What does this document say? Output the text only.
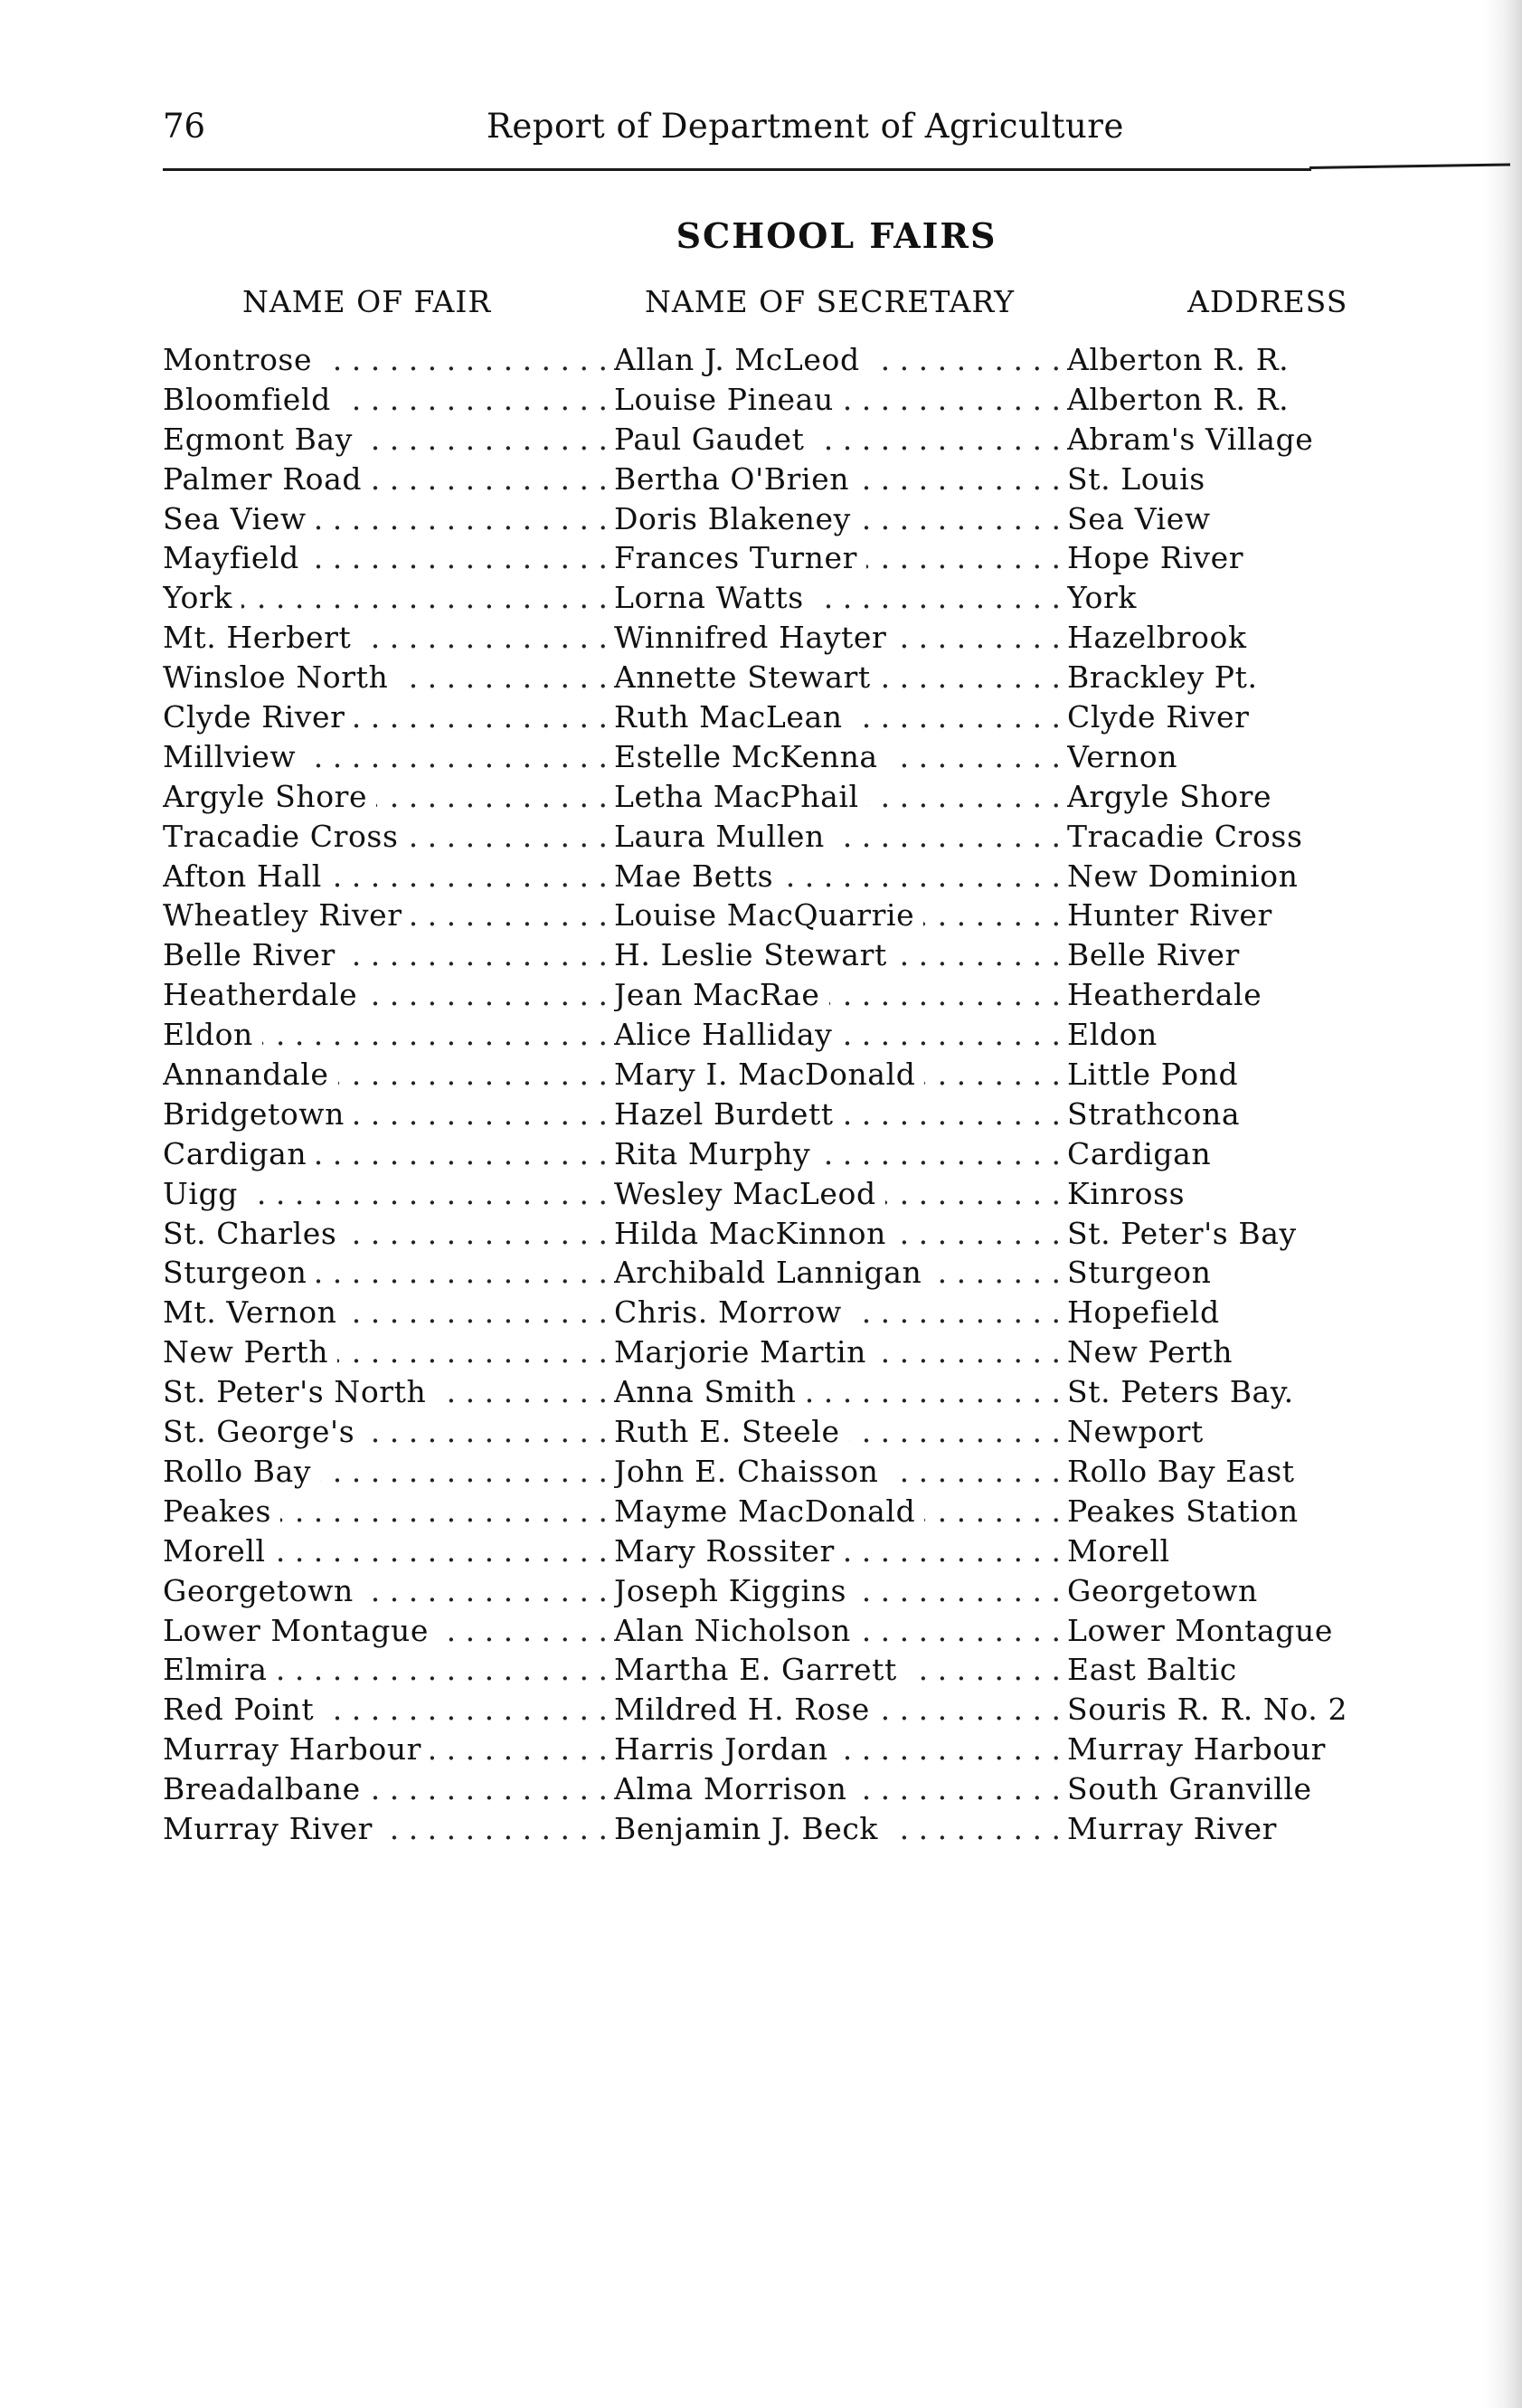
76	Report of Department of Agriculture
SCHOOL FAIRS
NAME OF FAIR	NAME OF SECRETARY	ADDRESS
Montrose . . .	Allan J. McLeod . . .	Alberton R. R.
Bloomfield . . .	Louise Pineau . . .	Alberton R. R.
Egmont Bay . . .	Paul Gaudet . . .	Abram's Village
Palmer Road . . .	Bertha O'Brien . . .	St. Louis
Sea View . . .	Doris Blakeney . . .	Sea View
Mayfield . . .	Frances Turner . . .	Hope River
York . . .	Lorna Watts . . .	York
Mt. Herbert . . .	Winnifred Hayter . . .	Hazelbrook
Winsloe North . . .	Annette Stewart . . .	Brackley Pt.
Clyde River . . .	Ruth MacLean . . .	Clyde River
Millview . . .	Estelle McKenna . . .	Vernon
Argyle Shore . . .	Letha MacPhail . . .	Argyle Shore
Tracadie Cross . . .	Laura Mullen . . .	Tracadie Cross
Afton Hall . . .	Mae Betts . . .	New Dominion
Wheatley River . . .	Louise MacQuarrie . . .	Hunter River
Belle River . . .	H. Leslie Stewart . . .	Belle River
Heatherdale . . .	Jean MacRae . . .	Heatherdale
Eldon . . .	Alice Halliday . . .	Eldon
Annandale . . .	Mary I. MacDonald . . .	Little Pond
Bridgetown . . .	Hazel Burdett . . .	Strathcona
Cardigan . . .	Rita Murphy . . .	Cardigan
Uigg . . .	Wesley MacLeod . . .	Kinross
St. Charles . . .	Hilda MacKinnon . . .	St. Peter's Bay
Sturgeon . . .	Archibald Lannigan . . .	Sturgeon
Mt. Vernon . . .	Chris. Morrow . . .	Hopefield
New Perth . . .	Marjorie Martin . . .	New Perth
St. Peter's North . . .	Anna Smith . . .	St. Peters Bay.
St. George's . . .	Ruth E. Steele . . .	Newport
Rollo Bay . . .	John E. Chaisson . . .	Rollo Bay East
Peakes . . .	Mayme MacDonald . . .	Peakes Station
Morell . . .	Mary Rossiter . . .	Morell
Georgetown . . .	Joseph Kiggins . . .	Georgetown
Lower Montague . . .	Alan Nicholson . . .	Lower Montague
Elmira . . .	Martha E. Garrett . . .	East Baltic
Red Point . . .	Mildred H. Rose . . .	Souris R. R. No. 2
Murray Harbour . . .	Harris Jordan . . .	Murray Harbour
Breadalbane . . .	Alma Morrison . . .	South Granville
Murray River . . .	Benjamin J. Beck . . .	Murray River
